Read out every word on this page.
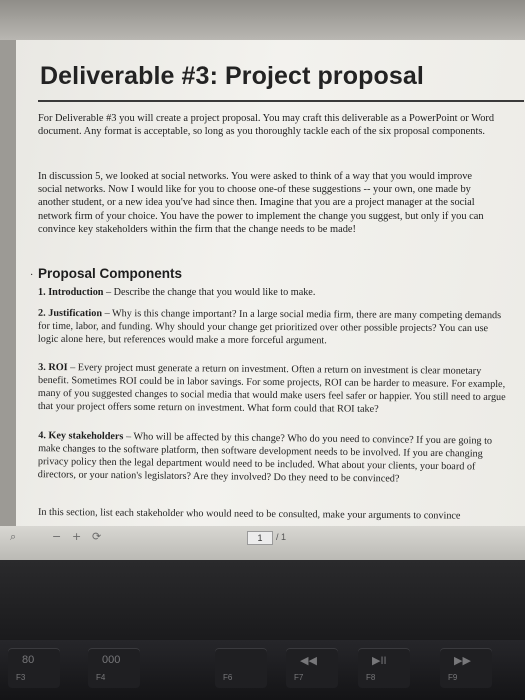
Deliverable #3: Project proposal

For Deliverable #3 you will create a project proposal. You may craft this deliverable as a PowerPoint or Word document. Any format is acceptable, so long as you thoroughly tackle each of the six proposal components.

In discussion 5, we looked at social networks. You were asked to think of a way that you would improve social networks. Now I would like for you to choose one-of these suggestions -- your own, one made by another student, or a new idea you've had since then. Imagine that you are a project manager at the social network firm of your choice. You have the power to implement the change you suggest, but only if you can convince key stakeholders within the firm that the change needs to be made!

· Proposal Components

1. Introduction – Describe the change that you would like to make.

2. Justification – Why is this change important? In a large social media firm, there are many competing demands for time, labor, and funding. Why should your change get prioritized over other possible projects? You can use logic alone here, but references would make a more forceful argument.

3. ROI – Every project must generate a return on investment. Often a return on investment is clear monetary benefit. Sometimes ROI could be in labor savings. For some projects, ROI can be harder to measure. For example, many of you suggested changes to social media that would make users feel safer or happier. You still need to argue that your project offers some return on investment. What form could that ROI take?

4. Key stakeholders – Who will be affected by this change? Who do you need to convince? If you are going to make changes to the software platform, then software development needs to be involved. If you are changing privacy policy then the legal department would need to be included. What about your clients, your board of directors, or your nation's legislators? Are they involved? Do they need to be convinced?

In this section, list each stakeholder who would need to be consulted, make your arguments to convince

⌕	− + ⟳	1	/ 1
80
F3
000
F4	F6
◀◀
F7
▶II
F8
▶▶
F9
